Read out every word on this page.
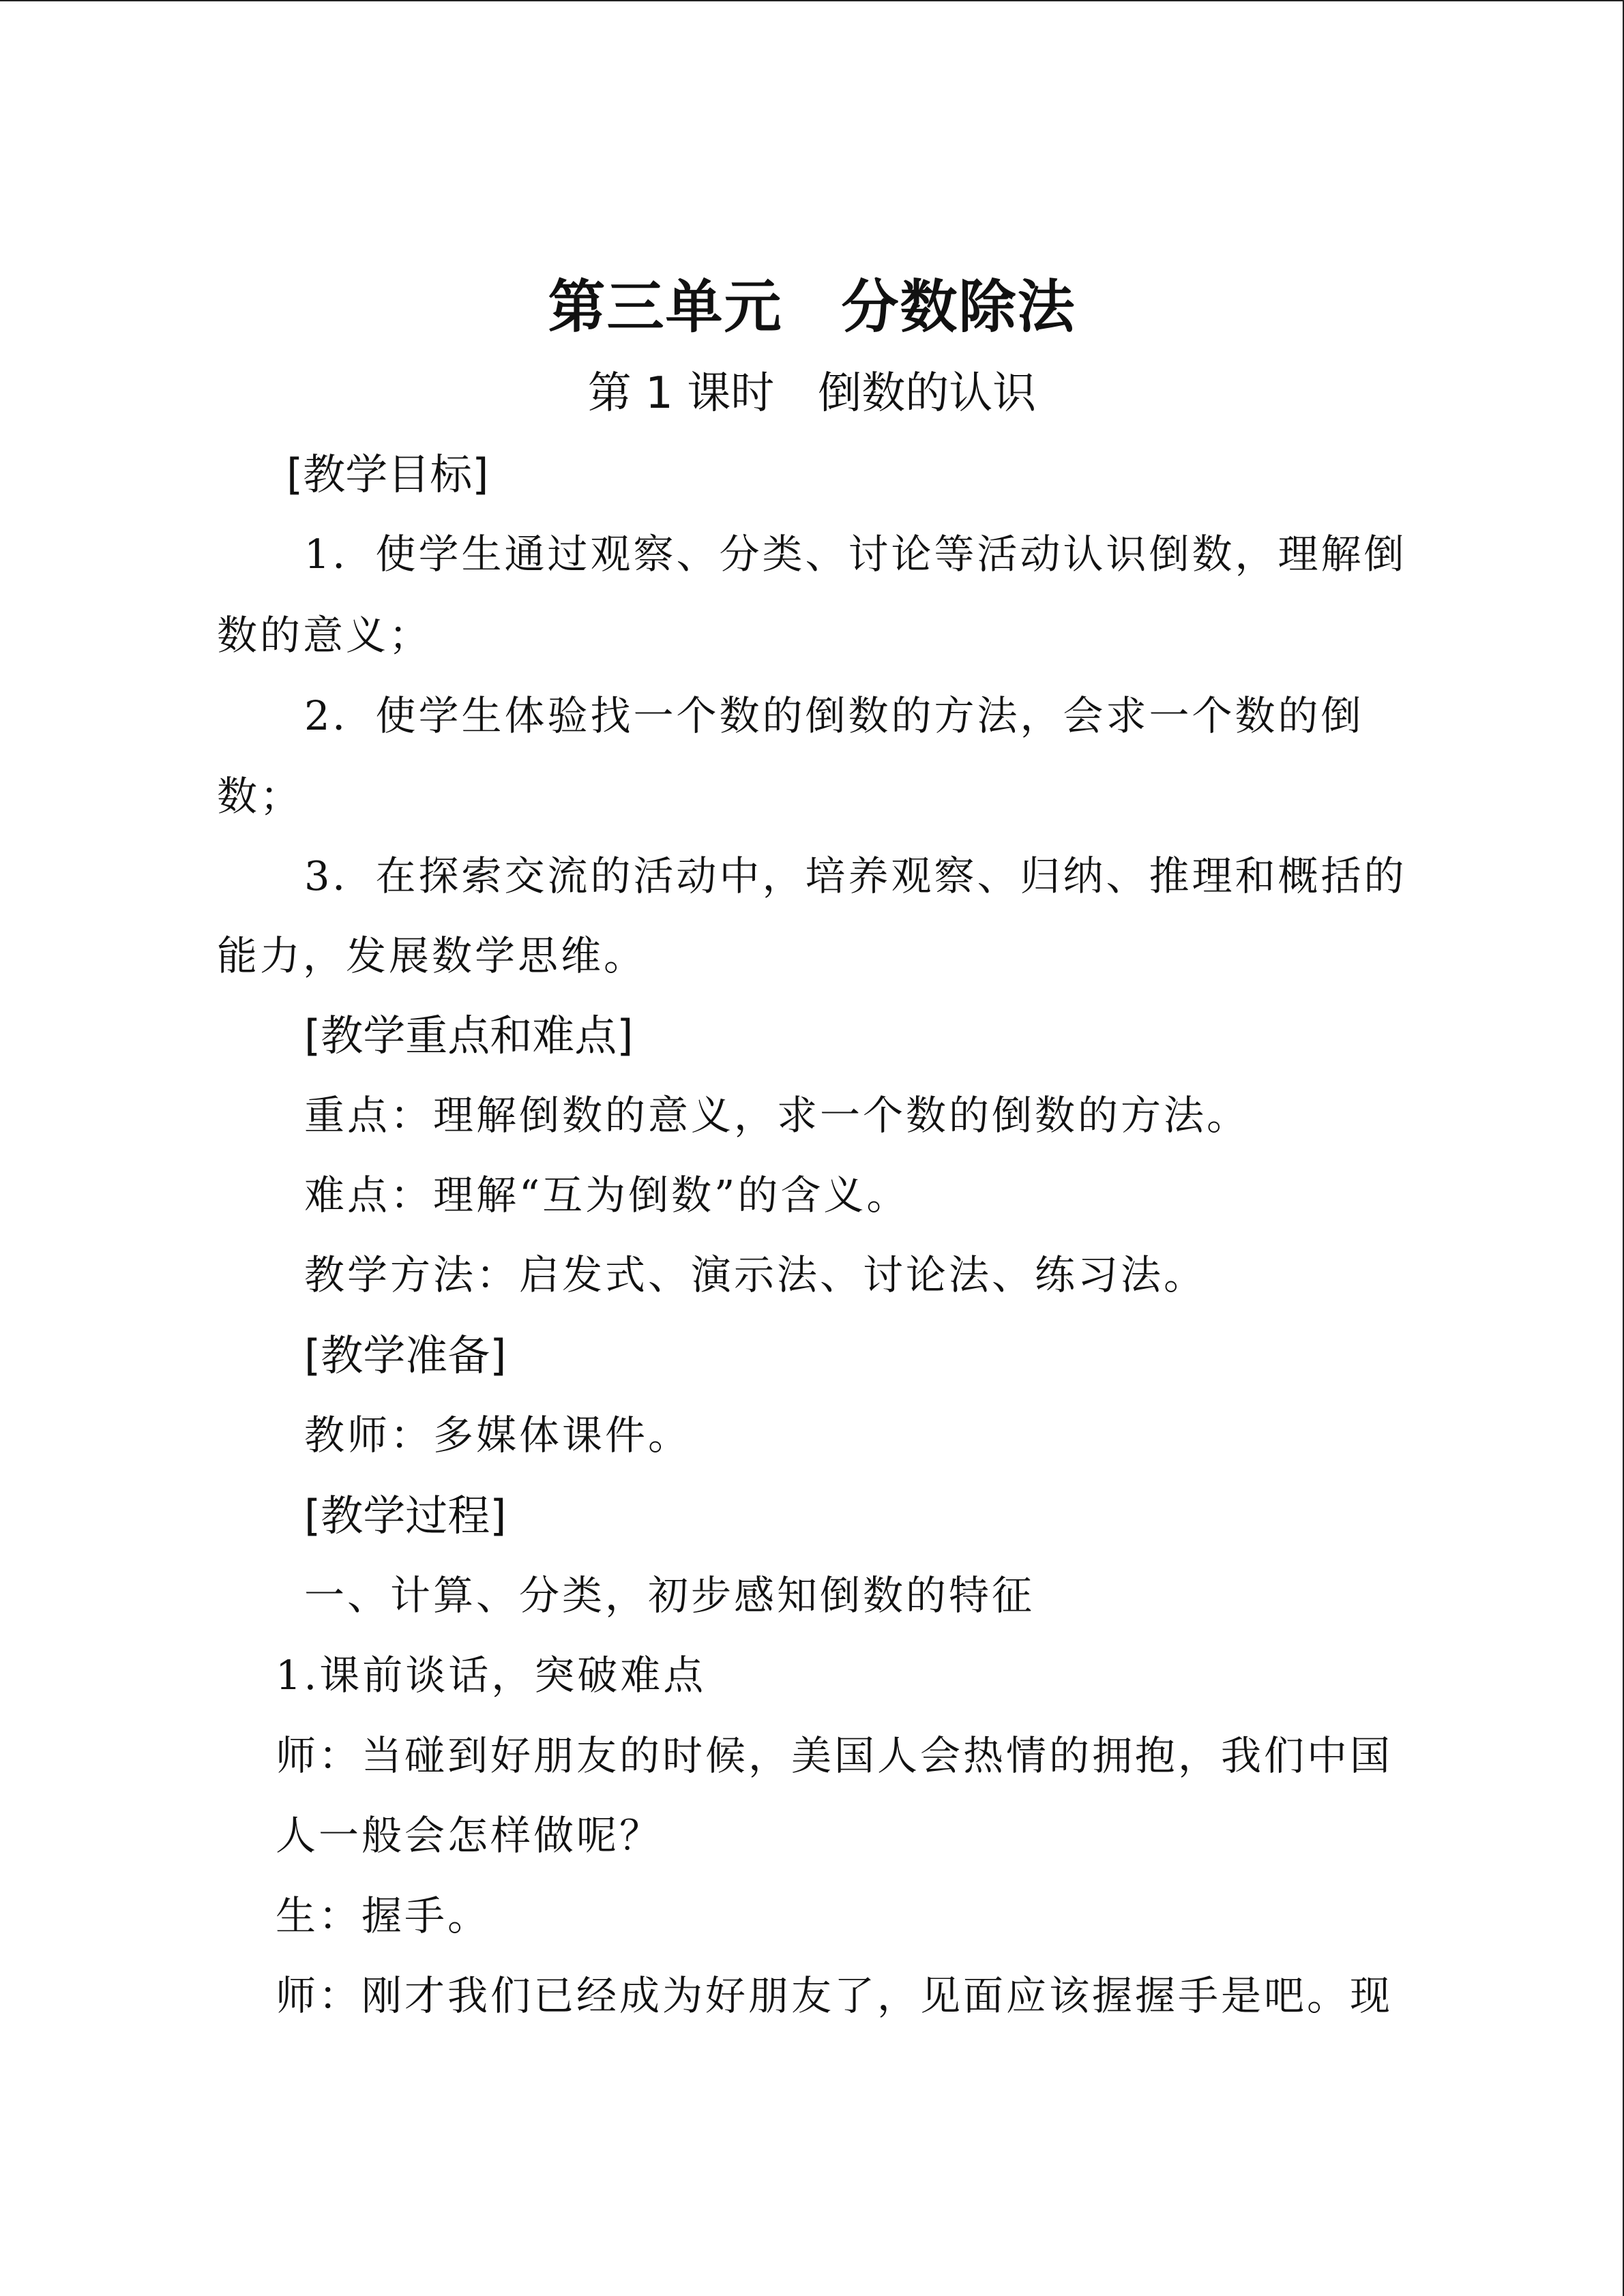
第三单元　分数除法
第 1 课时　倒数的认识
[教学目标]
1．使学生通过观察、分类、讨论等活动认识倒数，理解倒
数的意义；
2．使学生体验找一个数的倒数的方法，会求一个数的倒
数；
3．在探索交流的活动中，培养观察、归纳、推理和概括的
能力，发展数学思维。
[教学重点和难点]
重点：理解倒数的意义，求一个数的倒数的方法。
难点：理解“互为倒数”的含义。
教学方法：启发式、演示法、讨论法、练习法。
[教学准备]
教师：多媒体课件。
[教学过程]
一、计算、分类，初步感知倒数的特征
1.课前谈话，突破难点
师：当碰到好朋友的时候，美国人会热情的拥抱，我们中国
人一般会怎样做呢？
生：握手。
师：刚才我们已经成为好朋友了，见面应该握握手是吧。现
